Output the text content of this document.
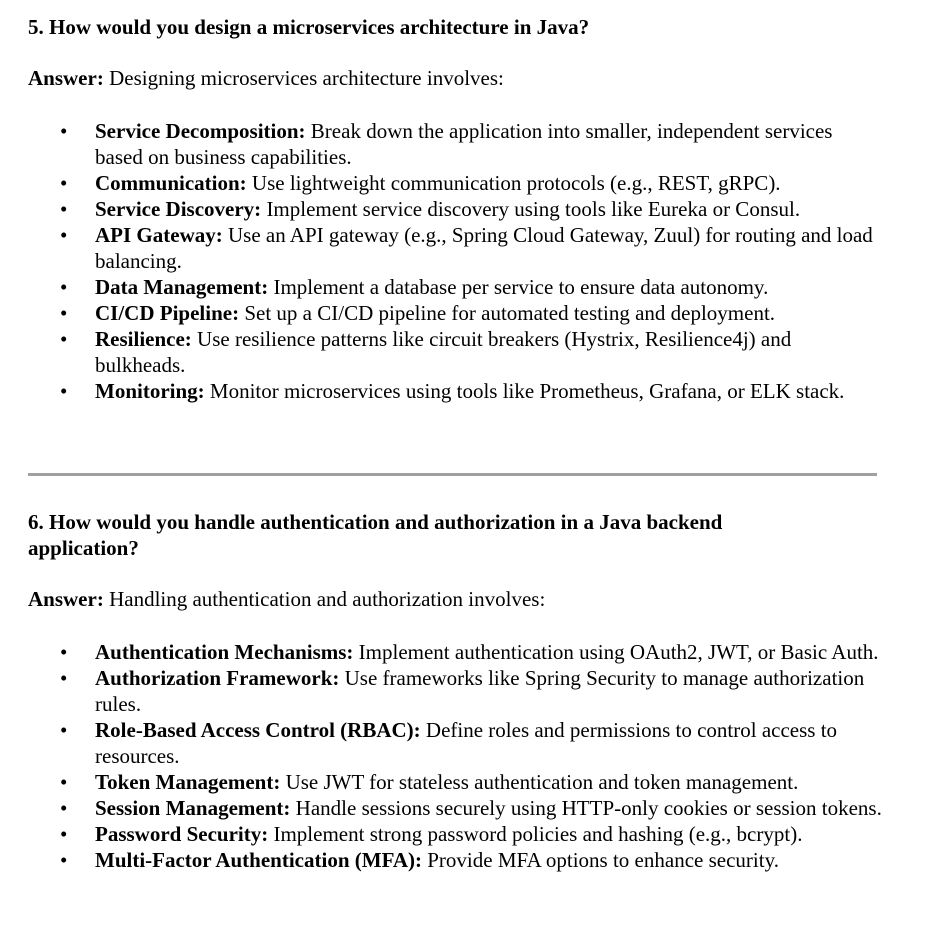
5. How would you design a microservices architecture in Java?

Answer: Designing microservices architecture involves:

• Service Decomposition: Break down the application into smaller, independent services based on business capabilities.
• Communication: Use lightweight communication protocols (e.g., REST, gRPC).
• Service Discovery: Implement service discovery using tools like Eureka or Consul.
• API Gateway: Use an API gateway (e.g., Spring Cloud Gateway, Zuul) for routing and load balancing.
• Data Management: Implement a database per service to ensure data autonomy.
• CI/CD Pipeline: Set up a CI/CD pipeline for automated testing and deployment.
• Resilience: Use resilience patterns like circuit breakers (Hystrix, Resilience4j) and bulkheads.
• Monitoring: Monitor microservices using tools like Prometheus, Grafana, or ELK stack.
6. How would you handle authentication and authorization in a Java backend application?

Answer: Handling authentication and authorization involves:

• Authentication Mechanisms: Implement authentication using OAuth2, JWT, or Basic Auth.
• Authorization Framework: Use frameworks like Spring Security to manage authorization rules.
• Role-Based Access Control (RBAC): Define roles and permissions to control access to resources.
• Token Management: Use JWT for stateless authentication and token management.
• Session Management: Handle sessions securely using HTTP-only cookies or session tokens.
• Password Security: Implement strong password policies and hashing (e.g., bcrypt).
• Multi-Factor Authentication (MFA): Provide MFA options to enhance security.
